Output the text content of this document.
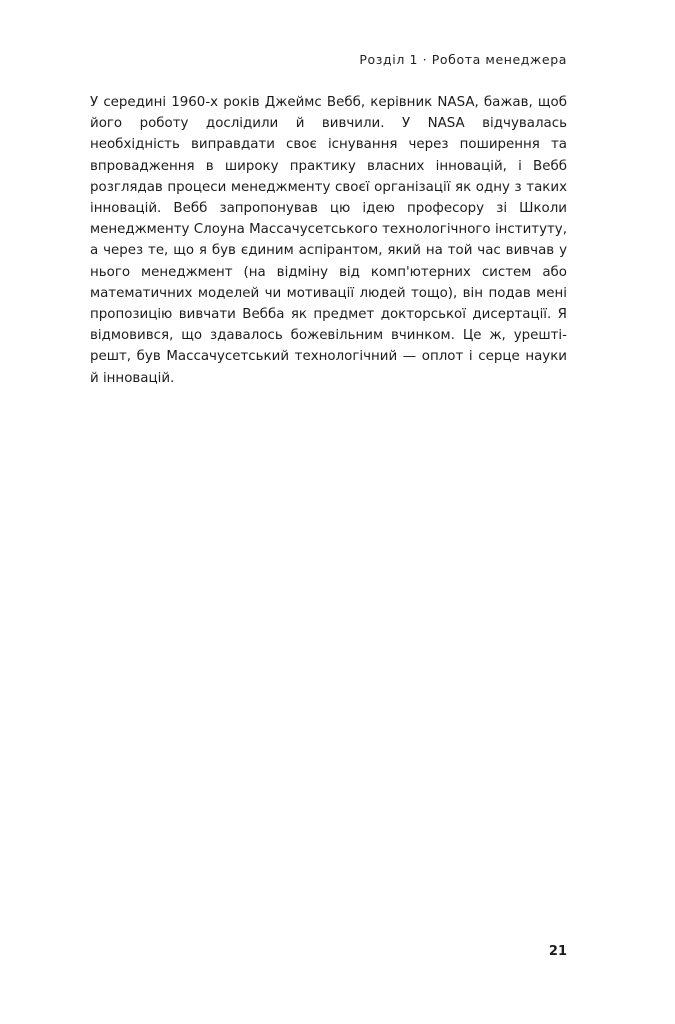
Розділ 1 · Робота менеджера

У середині 1960-х років Джеймс Вебб, керівник NASA, бажав, щоб його роботу дослідили й вивчили. У NASA відчувалась необхідність виправдати своє існування через поширення та впровадження в широку практику власних інновацій, і Вебб розглядав процеси менеджменту своєї організації як одну з таких інновацій. Вебб запропонував цю ідею професору зі Школи менеджменту Слоуна Массачусетського технологічного інституту, а через те, що я був єдиним аспірантом, який на той час вивчав у нього менеджмент (на відміну від комп'ютерних систем або математичних моделей чи мотивації людей тощо), він подав мені пропозицію вивчати Вебба як предмет докторської дисертації. Я відмовився, що здавалось божевільним вчинком. Це ж, урешті-решт, був Массачусетський технологічний — оплот і серце науки й інновацій.

21
